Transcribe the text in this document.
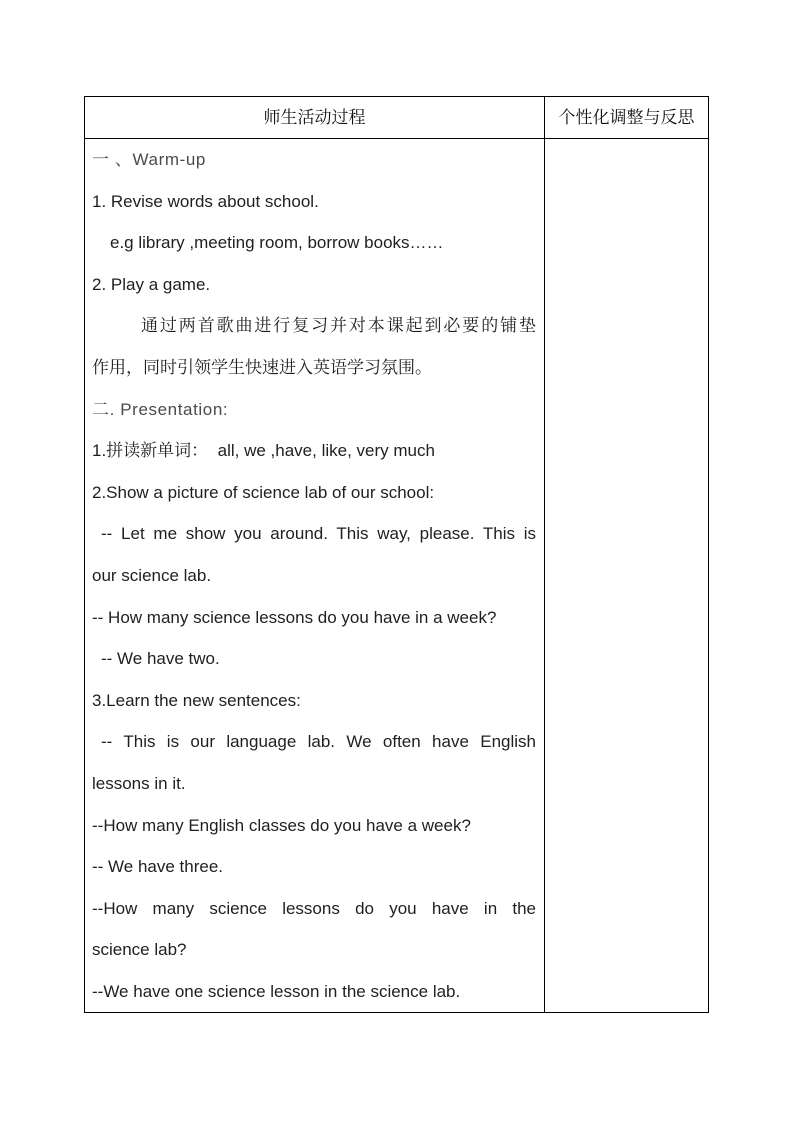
师生活动过程	个性化调整与反思
一 、Warm-up
1. Revise words about school.
e.g library ,meeting room, borrow books……
2. Play a game.
通过两首歌曲进行复习并对本课起到必要的铺垫
作用，同时引领学生快速进入英语学习氛围。
二. Presentation:
1.拼读新单词：  all, we ,have, like, very much
2.Show a picture of science lab of our school:
-- Let me show you around. This way, please. This is
our science lab.
-- How many science lessons do you have in a week?
-- We have two.
3.Learn the new sentences:
-- This is our language lab. We often have English
lessons in it.
--How many English classes do you have a week?
-- We have three.
--How many science lessons do you have in the
science lab?
--We have one science lesson in the science lab.
